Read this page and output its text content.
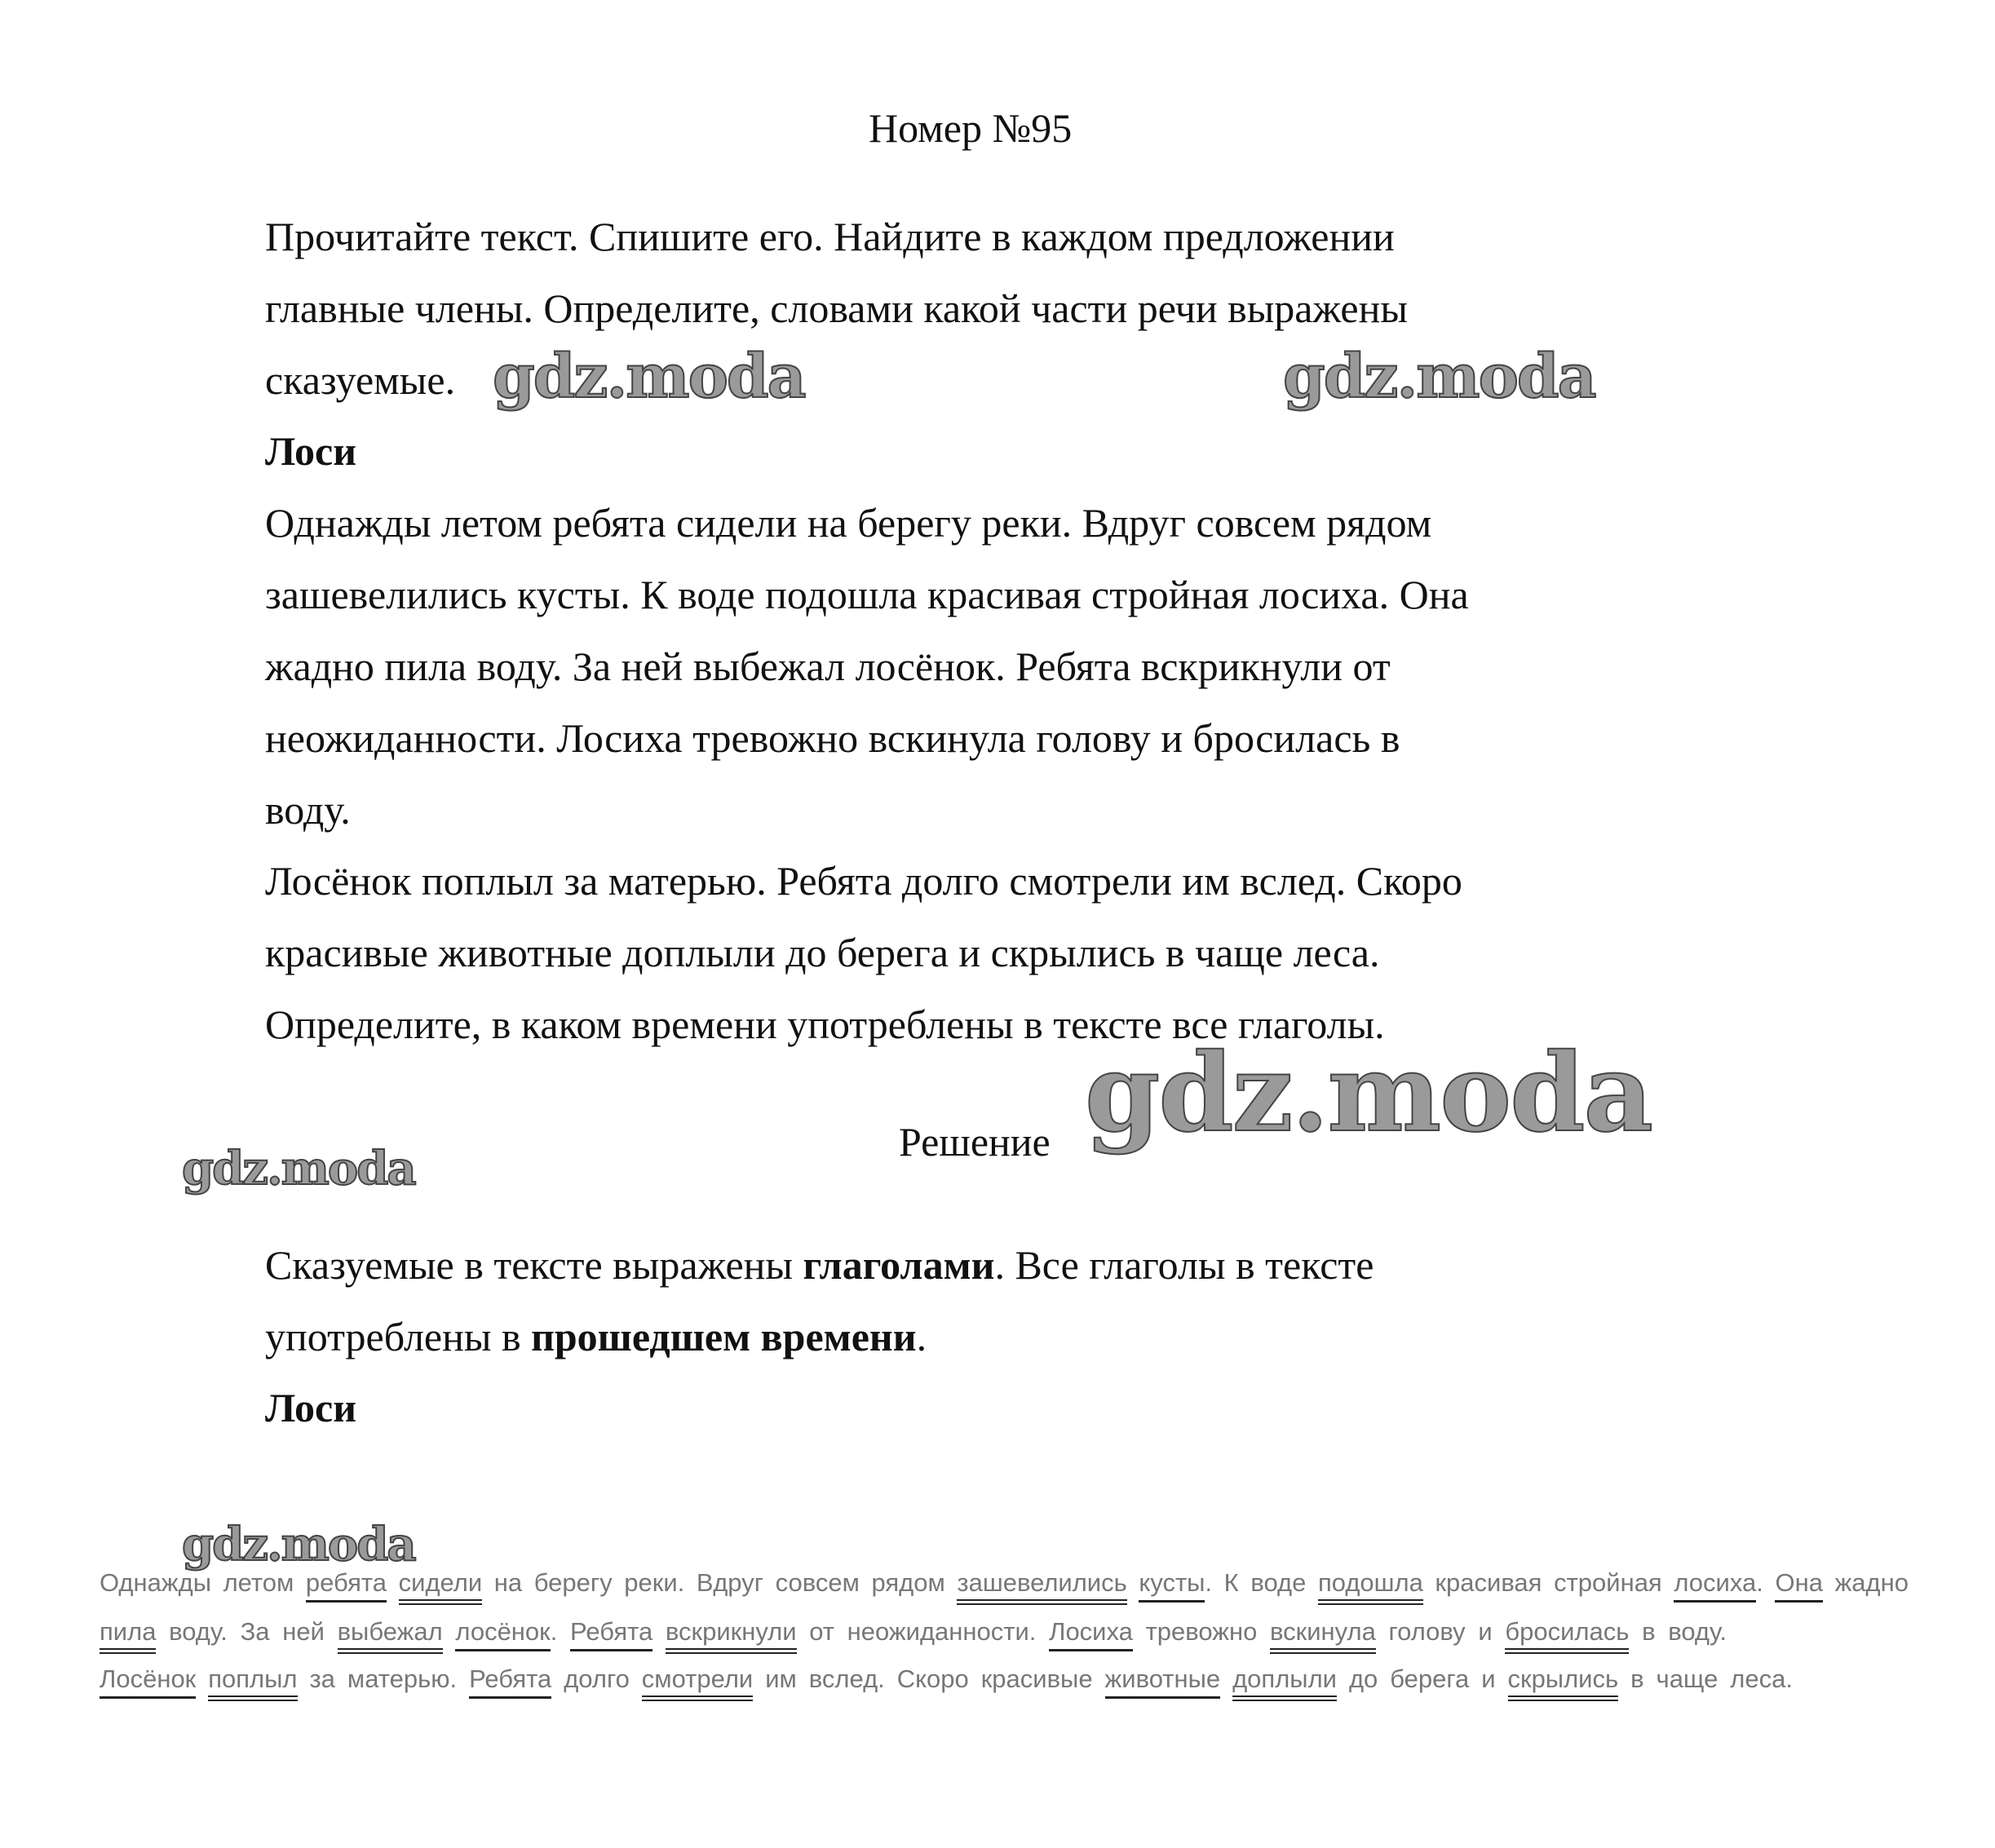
Номер №95
Прочитайте текст. Спишите его. Найдите в каждом предложении
главные члены. Определите, словами какой части речи выражены
сказуемые.
Лоси
Однажды летом ребята сидели на берегу реки. Вдруг совсем рядом
зашевелились кусты. К воде подошла красивая стройная лосиха. Она
жадно пила воду. За ней выбежал лосёнок. Ребята вскрикнули от
неожиданности. Лосиха тревожно вскинула голову и бросилась в
воду.
Лосёнок поплыл за матерью. Ребята долго смотрели им вслед. Скоро
красивые животные доплыли до берега и скрылись в чаще леса.
Определите, в каком времени употреблены в тексте все глаголы.
Решение
Сказуемые в тексте выражены глаголами. Все глаголы в тексте
употреблены в прошедшем времени.
Лоси
Однажды летом ребята сидели на берегу реки. Вдруг совсем рядом зашевелились кусты. К воде подошла красивая стройная лосиха. Она жадно
пила воду. За ней выбежал лосёнок. Ребята вскрикнули от неожиданности. Лосиха тревожно вскинула голову и бросилась в воду.
Лосёнок поплыл за матерью. Ребята долго смотрели им вслед. Скоро красивые животные доплыли до берега и скрылись в чаще леса.
gdz.moda	gdz.moda
gdz.moda
gdz.moda
gdz.moda
